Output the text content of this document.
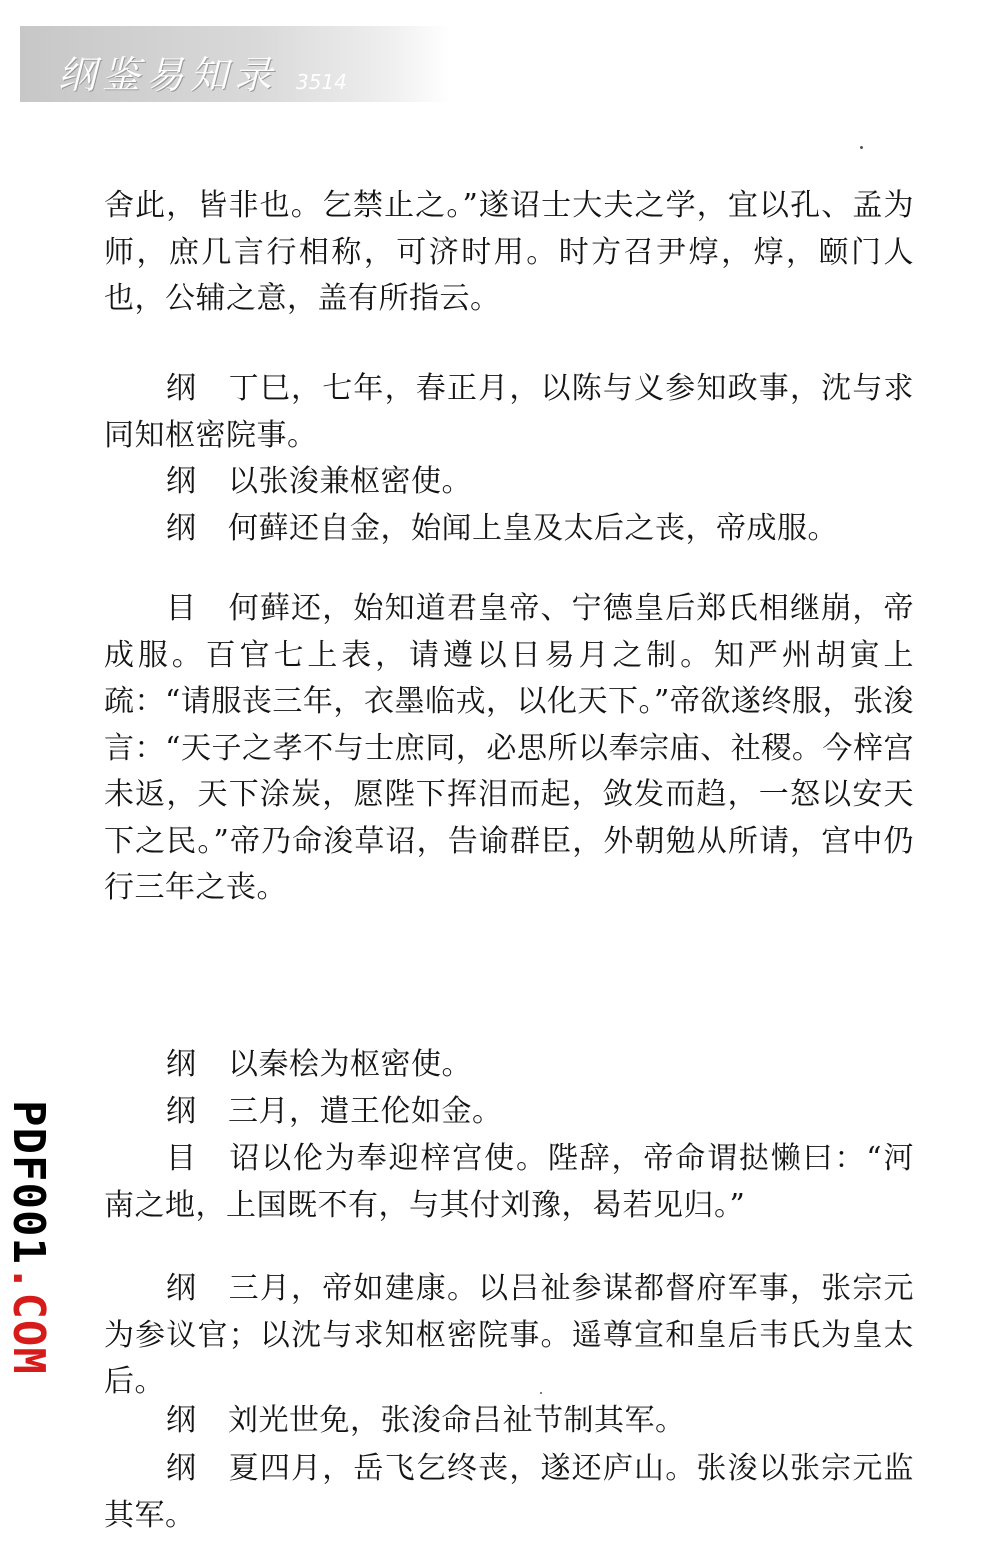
纲鉴易知录 3514

舍此，皆非也。乞禁止之。”遂诏士大夫之学，宜以孔、孟为师，庶几言行相称，可济时用。时方召尹焞，焞，颐门人也，公辅之意，盖有所指云。

纲 丁巳，七年，春正月，以陈与义参知政事，沈与求同知枢密院事。

纲 以张浚兼枢密使。

纲 何藓还自金，始闻上皇及太后之丧，帝成服。

目 何藓还，始知道君皇帝、宁德皇后郑氏相继崩，帝成服。百官七上表，请遵以日易月之制。知严州胡寅上疏：“请服丧三年，衣墨临戎，以化天下。”帝欲遂终服，张浚言：“天子之孝不与士庶同，必思所以奉宗庙、社稷。今梓宫未返，天下涂炭，愿陛下挥泪而起，敛发而趋，一怒以安天下之民。”帝乃命浚草诏，告谕群臣，外朝勉从所请，宫中仍行三年之丧。

纲 以秦桧为枢密使。

纲 三月，遣王伦如金。

目 诏以伦为奉迎梓宫使。陛辞，帝命谓挞懒曰：“河南之地，上国既不有，与其付刘豫，曷若见归。”

纲 三月，帝如建康。以吕祉参谋都督府军事，张宗元为参议官；以沈与求知枢密院事。遥尊宣和皇后韦氏为皇太后。

纲 刘光世免，张浚命吕祉节制其军。

纲 夏四月，岳飞乞终丧，遂还庐山。张浚以张宗元监其军。

PDF001.COM
